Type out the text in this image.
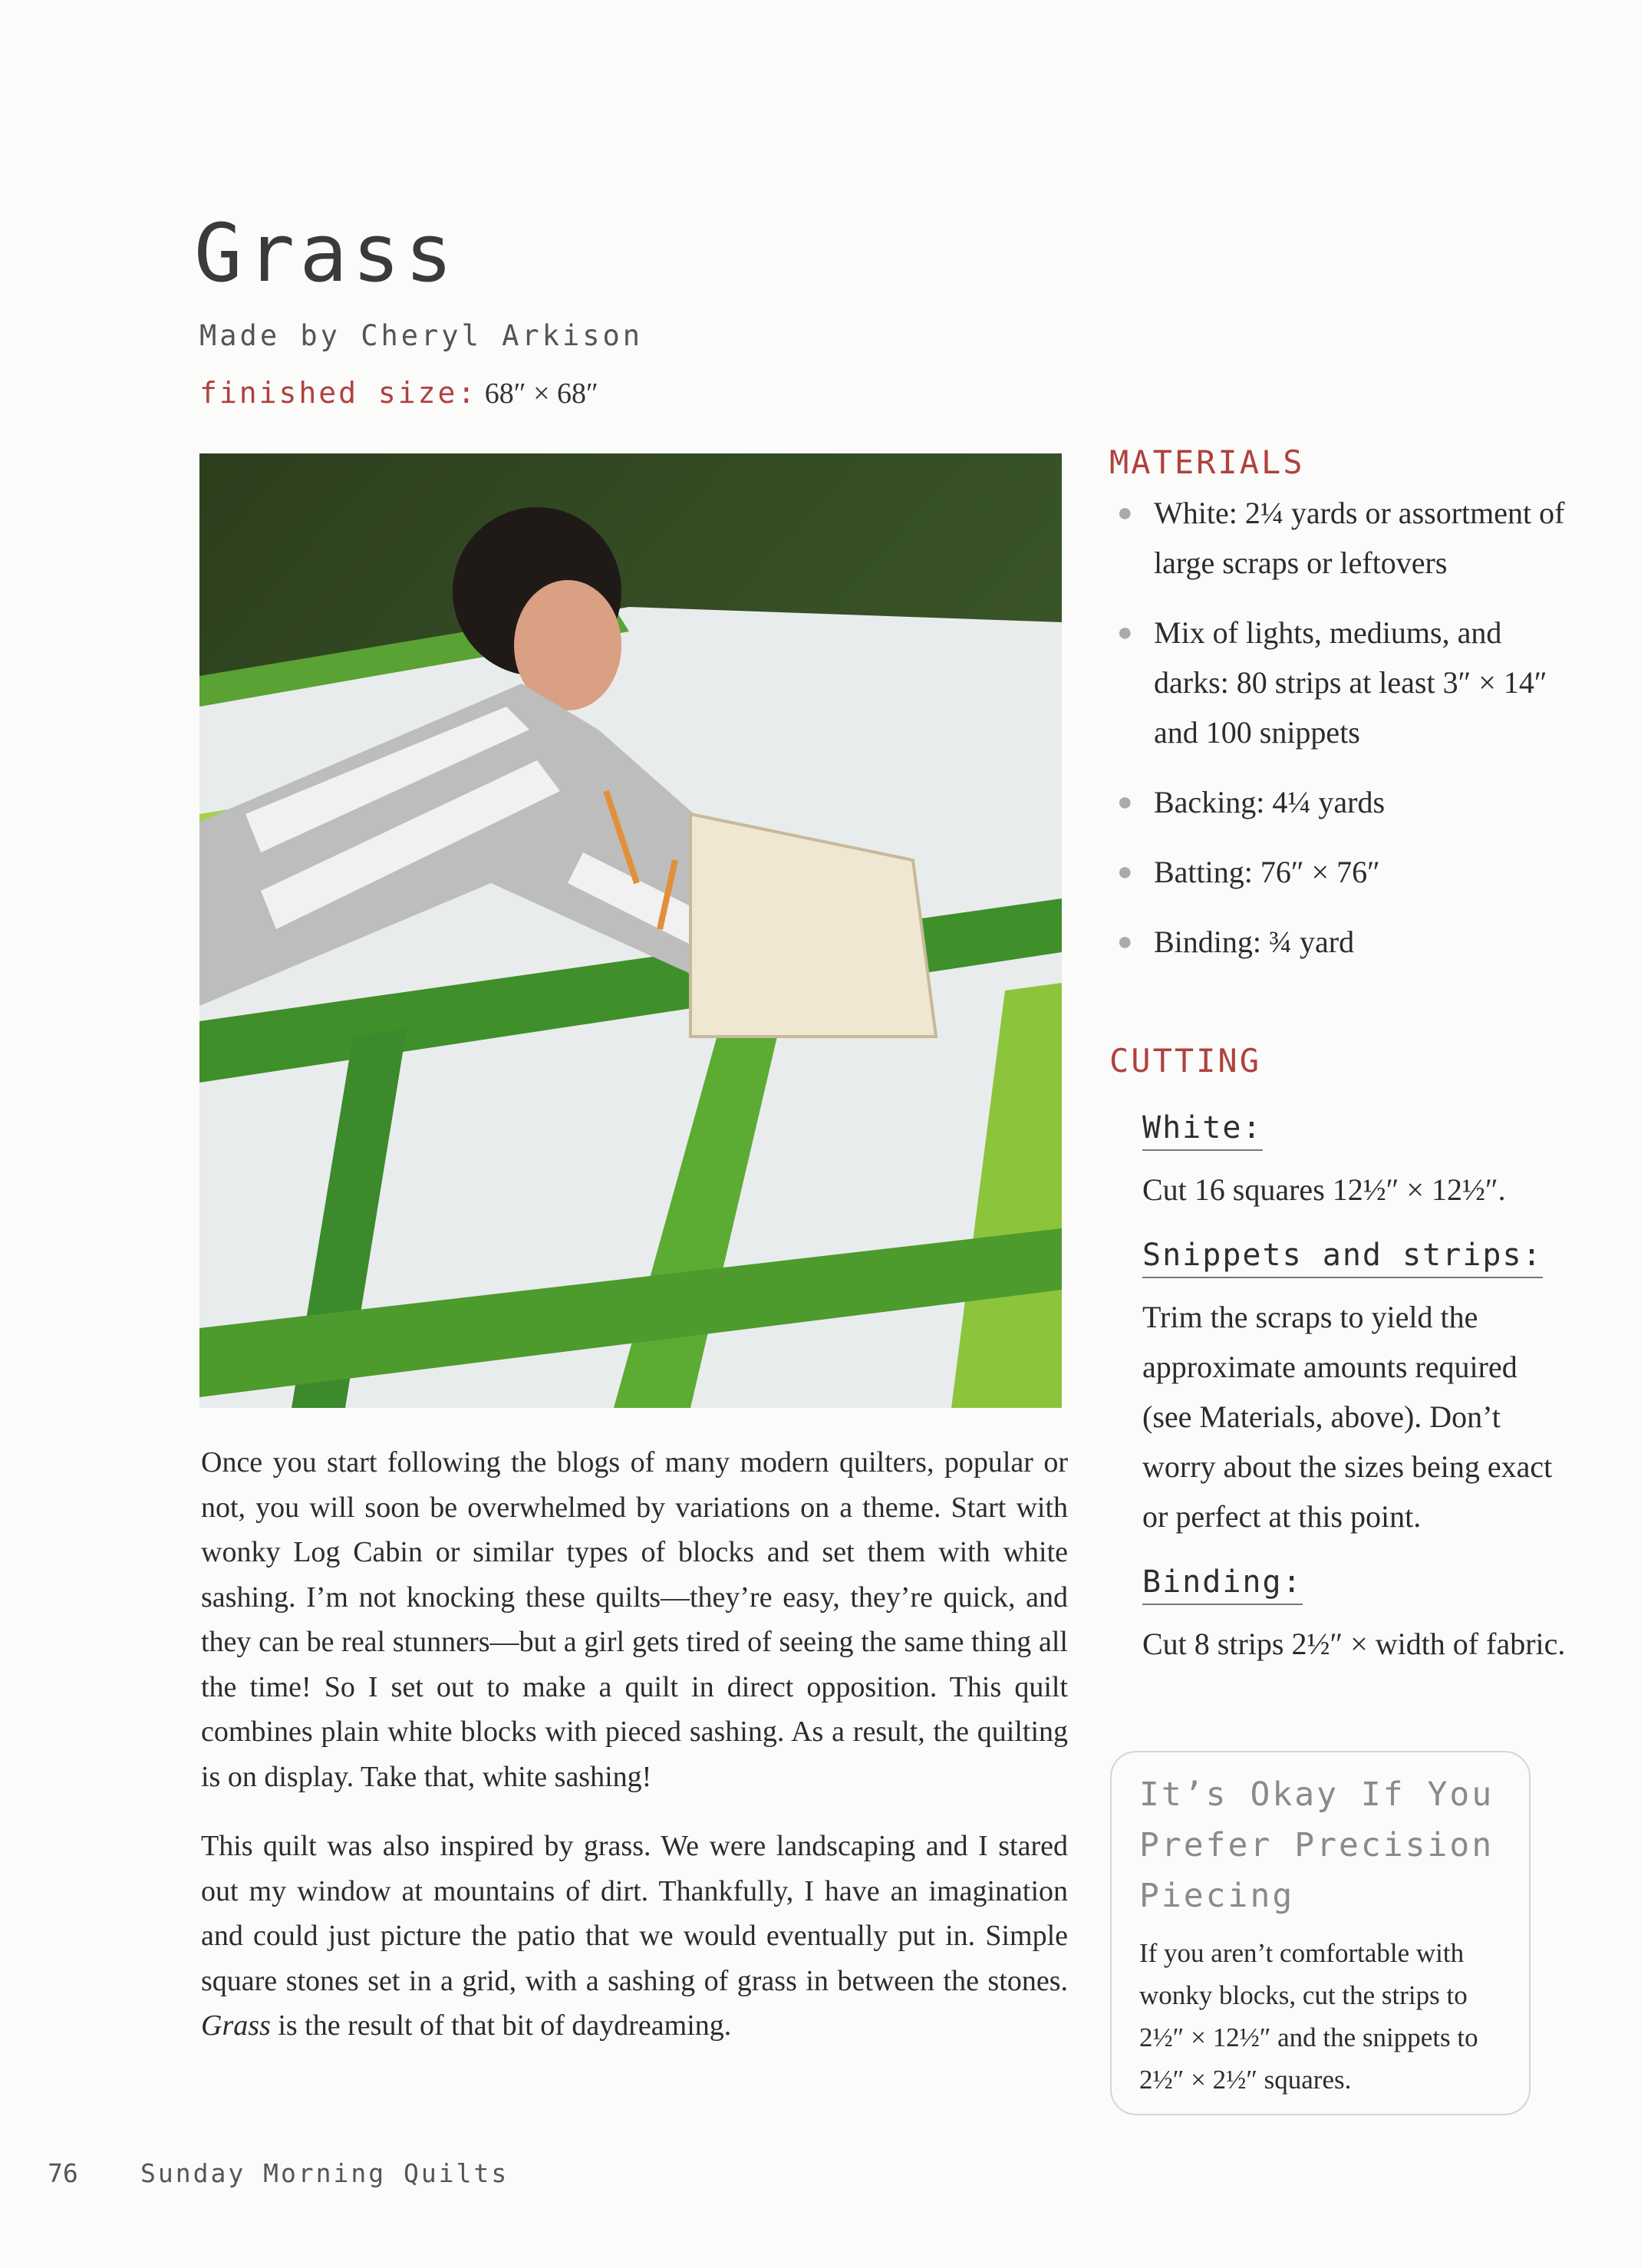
Grass
Made by Cheryl Arkison
finished size: 68″ × 68″

Once you start following the blogs of many modern quilters, popular or not, you will soon be overwhelmed by variations on a theme. Start with wonky Log Cabin or similar types of blocks and set them with white sashing. I’m not knocking these quilts—they’re easy, they’re quick, and they can be real stunners—but a girl gets tired of seeing the same thing all the time! So I set out to make a quilt in direct opposition. This quilt combines plain white blocks with pieced sashing. As a result, the quilting is on display. Take that, white sashing!

This quilt was also inspired by grass. We were landscaping and I stared out my window at mountains of dirt. Thankfully, I have an imagination and could just picture the patio that we would eventually put in. Simple square stones set in a grid, with a sashing of grass in between the stones. Grass is the result of that bit of daydreaming.

MATERIALS
● White: 2¼ yards or assortment of large scraps or leftovers
● Mix of lights, mediums, and darks: 80 strips at least 3″ × 14″ and 100 snippets
● Backing: 4¼ yards
● Batting: 76″ × 76″
● Binding: ¾ yard
CUTTING
White:

Cut 16 squares 12½″ × 12½″.

Snippets and strips:

Trim the scraps to yield the approximate amounts required (see Materials, above). Don’t worry about the sizes being exact or perfect at this point.

Binding:

Cut 8 strips 2½″ × width of fabric.

It’s Okay If You Prefer Precision Piecing

If you aren’t comfortable with wonky blocks, cut the strips to 2½″ × 12½″ and the snippets to 2½″ × 2½″ squares.

76 Sunday Morning Quilts
